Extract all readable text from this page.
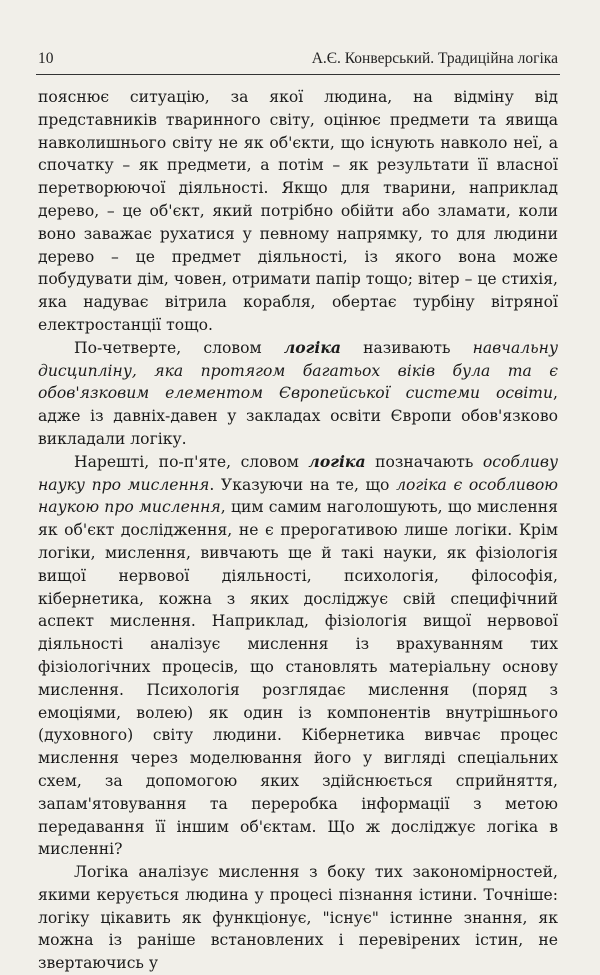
10	А.Є. Конверський. Традиційна логіка

пояснює ситуацію, за якої людина, на відміну від представників тваринного світу, оцінює предмети та явища навколишнього світу не як об'єкти, що існують навколо неї, а спочатку – як предмети, а потім – як результати її власної перетворюючої діяльності. Якщо для тварини, наприклад дерево, – це об'єкт, який потрібно обійти або зламати, коли воно заважає рухатися у певному напрямку, то для людини дерево – це предмет діяльності, із якого вона може побудувати дім, човен, отримати папір тощо; вітер – це стихія, яка надуває вітрила корабля, обертає турбіну вітряної електростанції тощо.

По-четверте, словом логіка називають навчальну дисципліну, яка протягом багатьох віків була та є обов'язковим елементом Європейської системи освіти, адже із давніх-давен у закладах освіти Європи обов'язково викладали логіку.

Нарешті, по-п'яте, словом логіка позначають особливу науку про мислення. Указуючи на те, що логіка є особливою наукою про мислення, цим самим наголошують, що мислення як об'єкт дослідження, не є прерогативою лише логіки. Крім логіки, мислення, вивчають ще й такі науки, як фізіологія вищої нервової діяльності, психологія, філософія, кібернетика, кожна з яких досліджує свій специфічний аспект мислення. Наприклад, фізіологія вищої нервової діяльності аналізує мислення із врахуванням тих фізіологічних процесів, що становлять матеріальну основу мислення. Психологія розглядає мислення (поряд з емоціями, волею) як один із компонентів внутрішнього (духовного) світу людини. Кібернетика вивчає процес мислення через моделювання його у вигляді спеціальних схем, за допомогою яких здійснюється сприйняття, запам'ятовування та переробка інформації з метою передавання її іншим об'єктам. Що ж досліджує логіка в мисленні?

Логіка аналізує мислення з боку тих закономірностей, якими керується людина у процесі пізнання істини. Точніше: логіку цікавить як функціонує, "існує" істинне знання, як можна із раніше встановлених і перевірених істин, не звертаючись у
